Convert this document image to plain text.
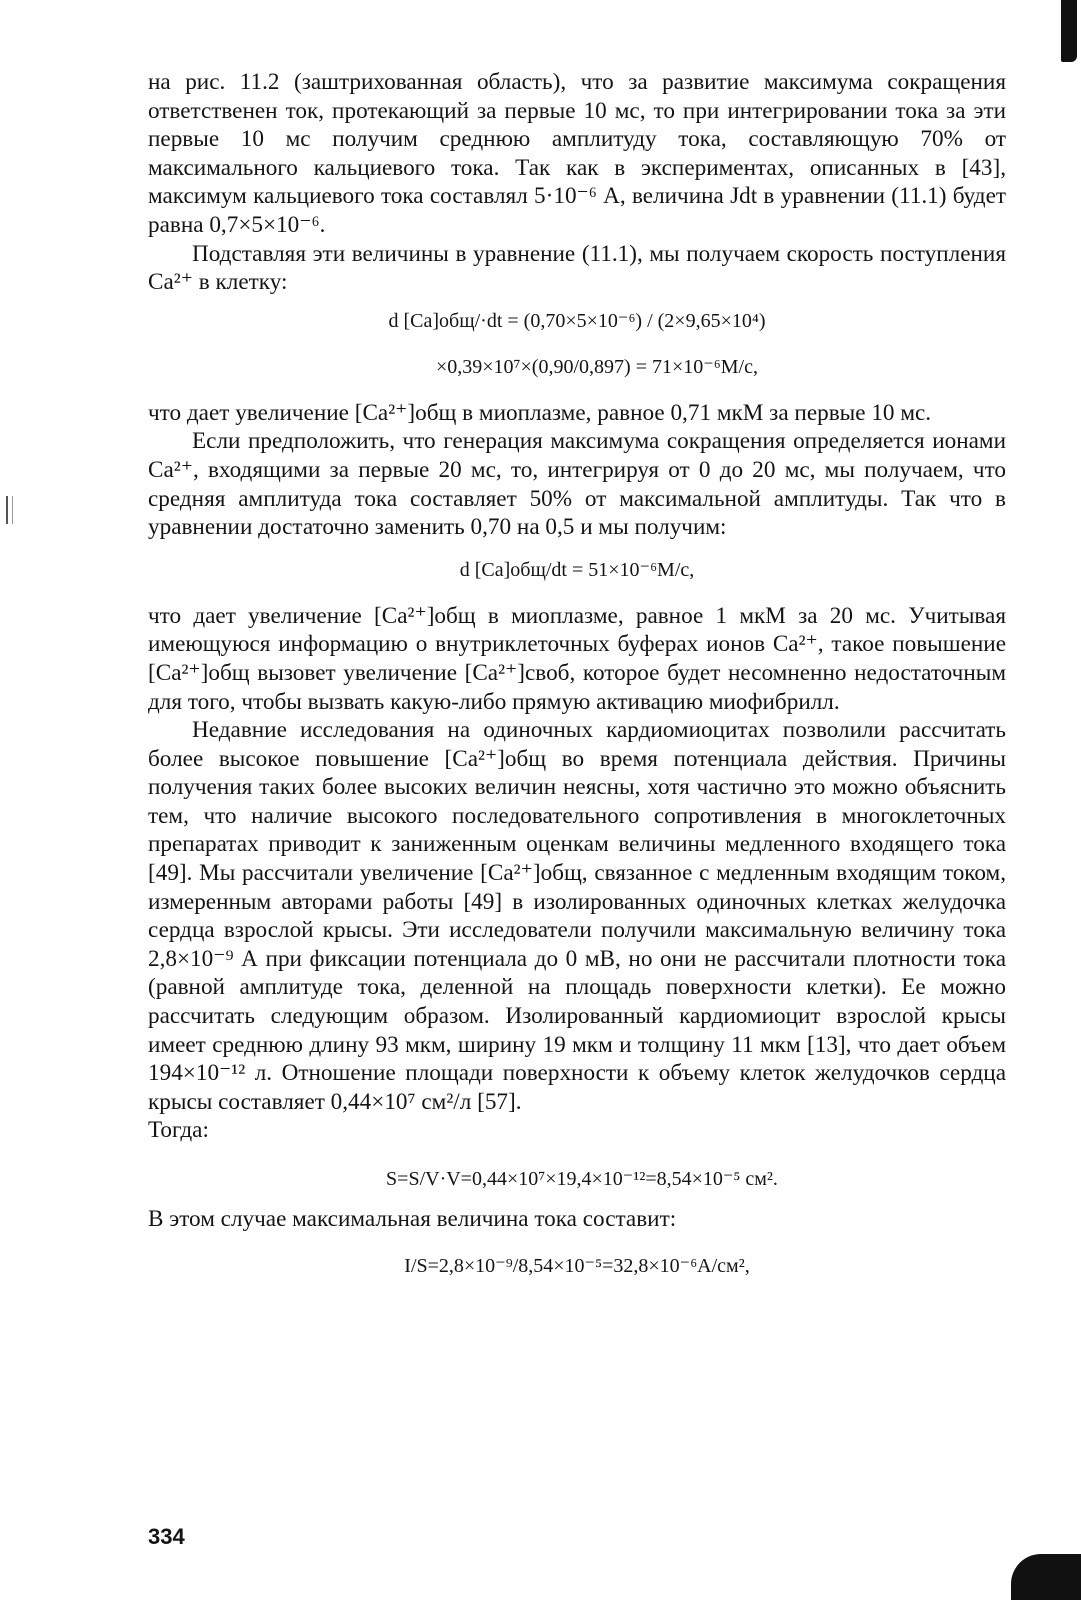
на рис. 11.2 (заштрихованная область), что за развитие максимума сокращения ответственен ток, протекающий за первые 10 мс, то при интегрировании тока за эти первые 10 мс получим среднюю амплитуду тока, составляющую 70% от максимального кальциевого тока. Так как в экспериментах, описанных в [43], максимум кальциевого тока составлял 5·10⁻⁶ А, величина Jdt в уравнении (11.1) будет равна 0,7×5×10⁻⁶.

Подставляя эти величины в уравнение (11.1), мы получаем скорость поступления Ca²⁺ в клетку:

d [Ca]общ/·dt = (0,70×5×10⁻⁶) / (2×9,65×10⁴)
×0,39×10⁷×(0,90/0,897) = 71×10⁻⁶М/с,

что дает увеличение [Ca²⁺]общ в миоплазме, равное 0,71 мкМ за первые 10 мс.

Если предположить, что генерация максимума сокращения определяется ионами Ca²⁺, входящими за первые 20 мс, то, интегрируя от 0 до 20 мс, мы получаем, что средняя амплитуда тока составляет 50% от максимальной амплитуды. Так что в уравнении достаточно заменить 0,70 на 0,5 и мы получим:

d [Ca]общ/dt = 51×10⁻⁶М/с,

что дает увеличение [Ca²⁺]общ в миоплазме, равное 1 мкМ за 20 мс. Учитывая имеющуюся информацию о внутриклеточных буферах ионов Ca²⁺, такое повышение [Ca²⁺]общ вызовет увеличение [Ca²⁺]своб, которое будет несомненно недостаточным для того, чтобы вызвать какую-либо прямую активацию миофибрилл.

Недавние исследования на одиночных кардиомиоцитах позволили рассчитать более высокое повышение [Ca²⁺]общ во время потенциала действия. Причины получения таких более высоких величин неясны, хотя частично это можно объяснить тем, что наличие высокого последовательного сопротивления в многоклеточных препаратах приводит к заниженным оценкам величины медленного входящего тока [49]. Мы рассчитали увеличение [Ca²⁺]общ, связанное с медленным входящим током, измеренным авторами работы [49] в изолированных одиночных клетках желудочка сердца взрослой крысы. Эти исследователи получили максимальную величину тока 2,8×10⁻⁹ А при фиксации потенциала до 0 мВ, но они не рассчитали плотности тока (равной амплитуде тока, деленной на площадь поверхности клетки). Ее можно рассчитать следующим образом. Изолированный кардиомиоцит взрослой крысы имеет среднюю длину 93 мкм, ширину 19 мкм и толщину 11 мкм [13], что дает объем 194×10⁻¹² л. Отношение площади поверхности к объему клеток желудочков сердца крысы составляет 0,44×10⁷ см²/л [57].

Тогда:

S=S/V·V=0,44×10⁷×19,4×10⁻¹²=8,54×10⁻⁵ см².

В этом случае максимальная величина тока составит:

I/S=2,8×10⁻⁹/8,54×10⁻⁵=32,8×10⁻⁶А/см²,
334
